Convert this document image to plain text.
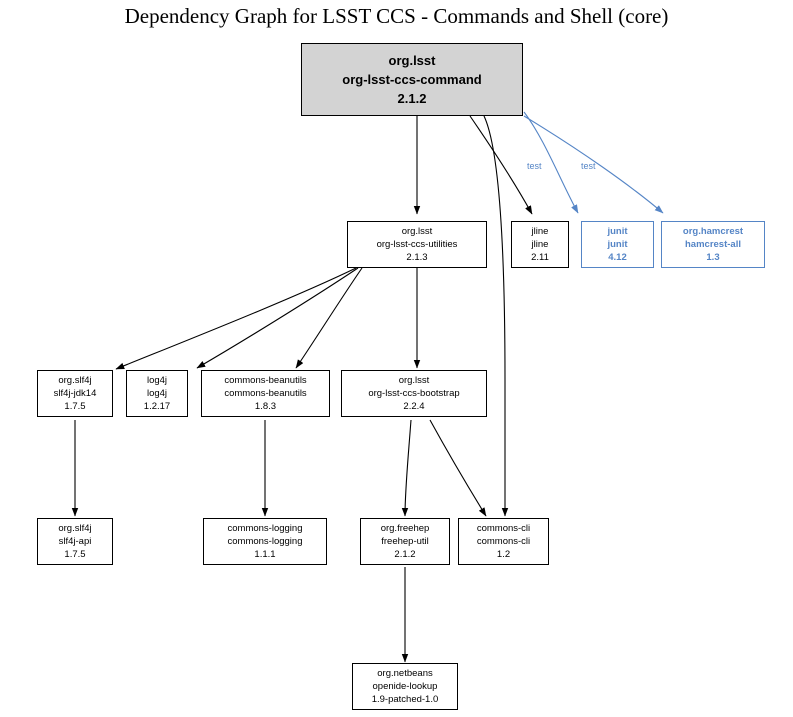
Dependency Graph for LSST CCS - Commands and Shell (core)
test	test
org.lsst
org-lsst-ccs-command
2.1.2
org.lsst
org-lsst-ccs-utilities
2.1.3
jline
jline
2.11
junit
junit
4.12
org.hamcrest
hamcrest-all
1.3
org.slf4j
slf4j-jdk14
1.7.5
log4j
log4j
1.2.17
commons-beanutils
commons-beanutils
1.8.3
org.lsst
org-lsst-ccs-bootstrap
2.2.4
org.slf4j
slf4j-api
1.7.5
commons-logging
commons-logging
1.1.1
org.freehep
freehep-util
2.1.2
commons-cli
commons-cli
1.2
org.netbeans
openide-lookup
1.9-patched-1.0
